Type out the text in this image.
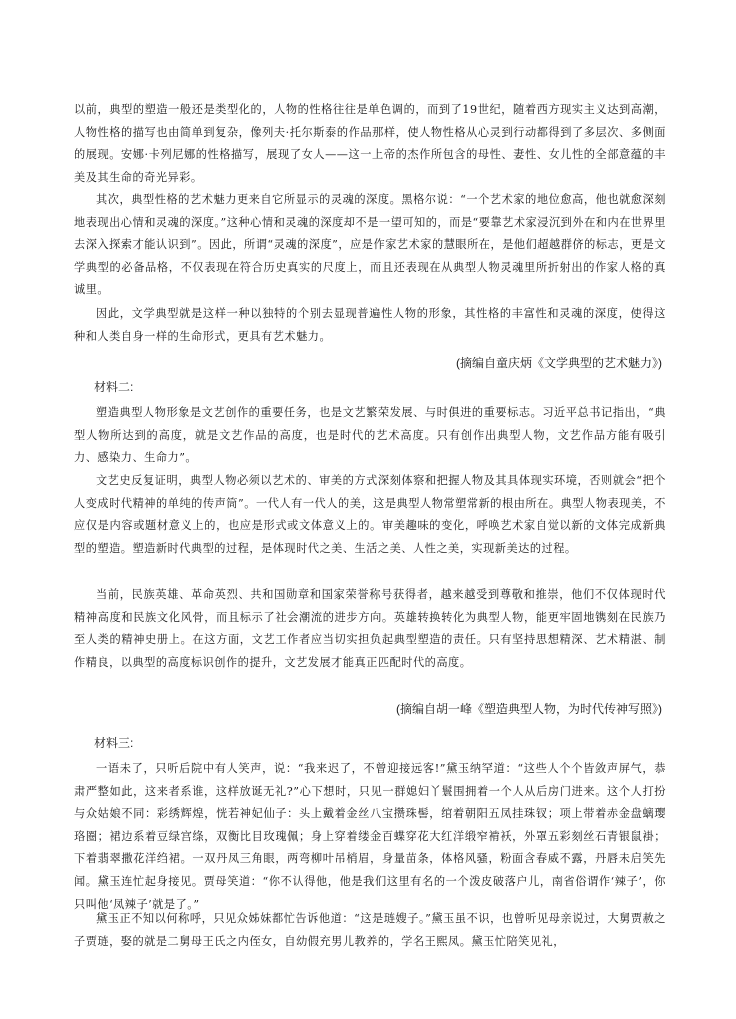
以前，典型的塑造一般还是类型化的，人物的性格往往是单色调的，而到了19世纪，随着西方现实主义达到高潮，人物性格的描写也由简单到复杂，像列夫·托尔斯泰的作品那样，使人物性格从心灵到行动都得到了多层次、多侧面的展现。安娜·卡列尼娜的性格描写，展现了女人——这一上帝的杰作所包含的母性、妻性、女儿性的全部意蕴的丰美及其生命的奇光异彩。

其次，典型性格的艺术魅力更来自它所显示的灵魂的深度。黑格尔说：“一个艺术家的地位愈高，他也就愈深刻地表现出心情和灵魂的深度。”这种心情和灵魂的深度却不是一望可知的，而是“要靠艺术家浸沉到外在和内在世界里去深入探索才能认识到”。因此，所谓“灵魂的深度”，应是作家艺术家的慧眼所在，是他们超越群侪的标志，更是文学典型的必备品格，不仅表现在符合历史真实的尺度上，而且还表现在从典型人物灵魂里所折射出的作家人格的真诚里。

因此，文学典型就是这样一种以独特的个别去显现普遍性人物的形象，其性格的丰富性和灵魂的深度，使得这种和人类自身一样的生命形式，更具有艺术魅力。

(摘编自童庆炳《文学典型的艺术魅力》)

材料二:

塑造典型人物形象是文艺创作的重要任务，也是文艺繁荣发展、与时俱进的重要标志。习近平总书记指出，“典型人物所达到的高度，就是文艺作品的高度，也是时代的艺术高度。只有创作出典型人物，文艺作品方能有吸引力、感染力、生命力”。

文艺史反复证明，典型人物必须以艺术的、审美的方式深刻体察和把握人物及其具体现实环境，否则就会“把个人变成时代精神的单纯的传声筒”。一代人有一代人的美，这是典型人物常塑常新的根由所在。典型人物表现美，不应仅是内容或题材意义上的，也应是形式或文体意义上的。审美趣味的变化，呼唤艺术家自觉以新的文体完成新典型的塑造。塑造新时代典型的过程，是体现时代之美、生活之美、人性之美，实现新美达的过程。

当前，民族英雄、革命英烈、共和国勋章和国家荣誉称号获得者，越来越受到尊敬和推崇，他们不仅体现时代精神高度和民族文化风骨，而且标示了社会潮流的进步方向。英雄转换转化为典型人物，能更牢固地镌刻在民族乃至人类的精神史册上。在这方面，文艺工作者应当切实担负起典型塑造的责任。只有坚持思想精深、艺术精湛、制作精良，以典型的高度标识创作的提升，文艺发展才能真正匹配时代的高度。

(摘编自胡一峰《塑造典型人物，为时代传神写照》)

材料三:

一语未了，只听后院中有人笑声，说：“我来迟了，不曾迎接远客!”黛玉纳罕道：“这些人个个皆敛声屏气，恭肃严整如此，这来者系谁，这样放诞无礼?”心下想时，只见一群媳妇丫鬟围拥着一个人从后房门进来。这个人打扮与众姑娘不同：彩绣辉煌，恍若神妃仙子：头上戴着金丝八宝攒珠髻，绾着朝阳五凤挂珠钗；项上带着赤金盘螭璎珞圈；裙边系着豆绿宫绦，双衡比目玫瑰佩；身上穿着缕金百蝶穿花大红洋缎窄褃袄，外罩五彩刻丝石青银鼠褂；下着翡翠撒花洋绉裙。一双丹凤三角眼，两弯柳叶吊梢眉，身量苗条，体格风骚，粉面含春威不露，丹唇未启笑先闻。黛玉连忙起身接见。贾母笑道：“你不认得他，他是我们这里有名的一个泼皮破落户儿，南省俗谓作‘辣子’，你只叫他‘凤辣子’就是了。”

黛玉正不知以何称呼，只见众姊妹都忙告诉他道：“这是琏嫂子。”黛玉虽不识，也曾听见母亲说过，大舅贾赦之子贾琏，娶的就是二舅母王氏之内侄女，自幼假充男儿教养的，学名王熙凤。黛玉忙陪笑见礼，
